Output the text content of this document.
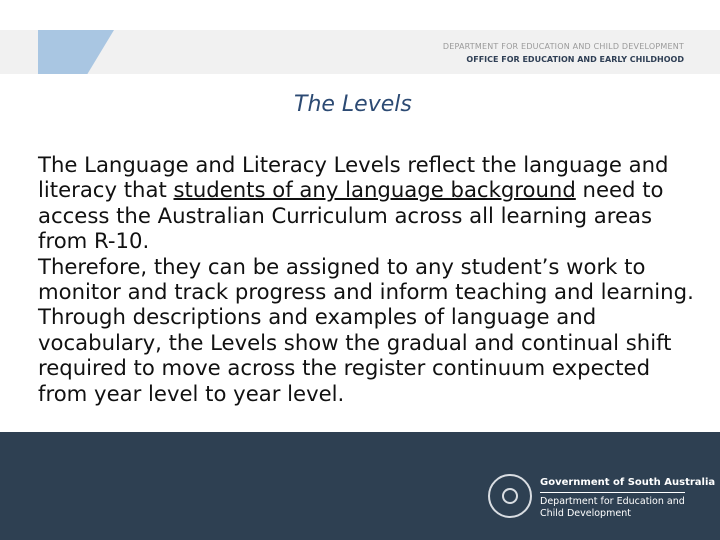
DEPARTMENT FOR EDUCATION AND CHILD DEVELOPMENT
OFFICE FOR EDUCATION AND EARLY CHILDHOOD
The Levels

The Language and Literacy Levels reflect the language and literacy that students of any language background need to access the Australian Curriculum across all learning areas from R-10.

Therefore, they can be assigned to any student’s work to monitor and track progress and inform teaching and learning.

Through descriptions and examples of language and vocabulary, the Levels show the gradual and continual shift required to move across the register continuum expected from year level to year level.

Government of South Australia
Department for Education and Child Development
